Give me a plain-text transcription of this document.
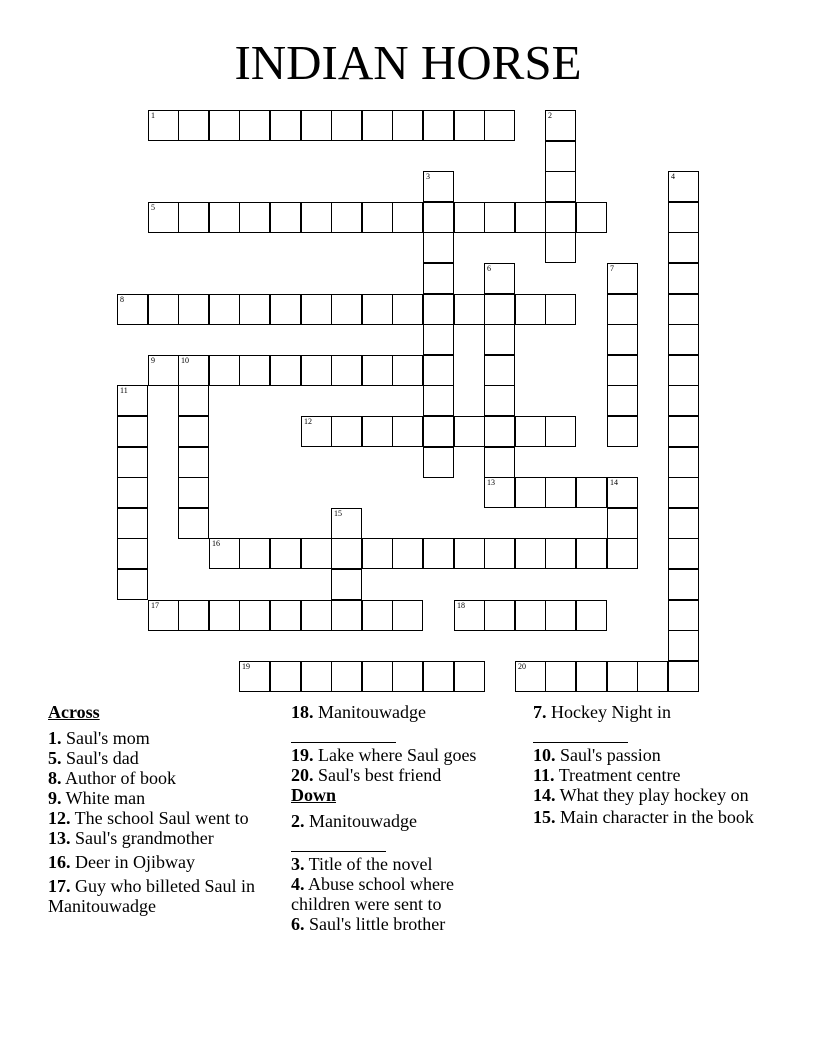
INDIAN HORSE
1	2
3	4
5
6	7
8
9	10
11
12
13	14
15
16
17	18
19	20
Across
1. Saul's mom
5. Saul's dad
8. Author of book
9. White man
12. The school Saul went to
13. Saul's grandmother
16. Deer in Ojibway
17. Guy who billeted Saul in Manitouwadge
18. Manitouwadge
19. Lake where Saul goes
20. Saul's best friend
Down
2. Manitouwadge
3. Title of the novel
4. Abuse school where children were sent to
6. Saul's little brother
7. Hockey Night in
10. Saul's passion
11. Treatment centre
14. What they play hockey on
15. Main character in the book
